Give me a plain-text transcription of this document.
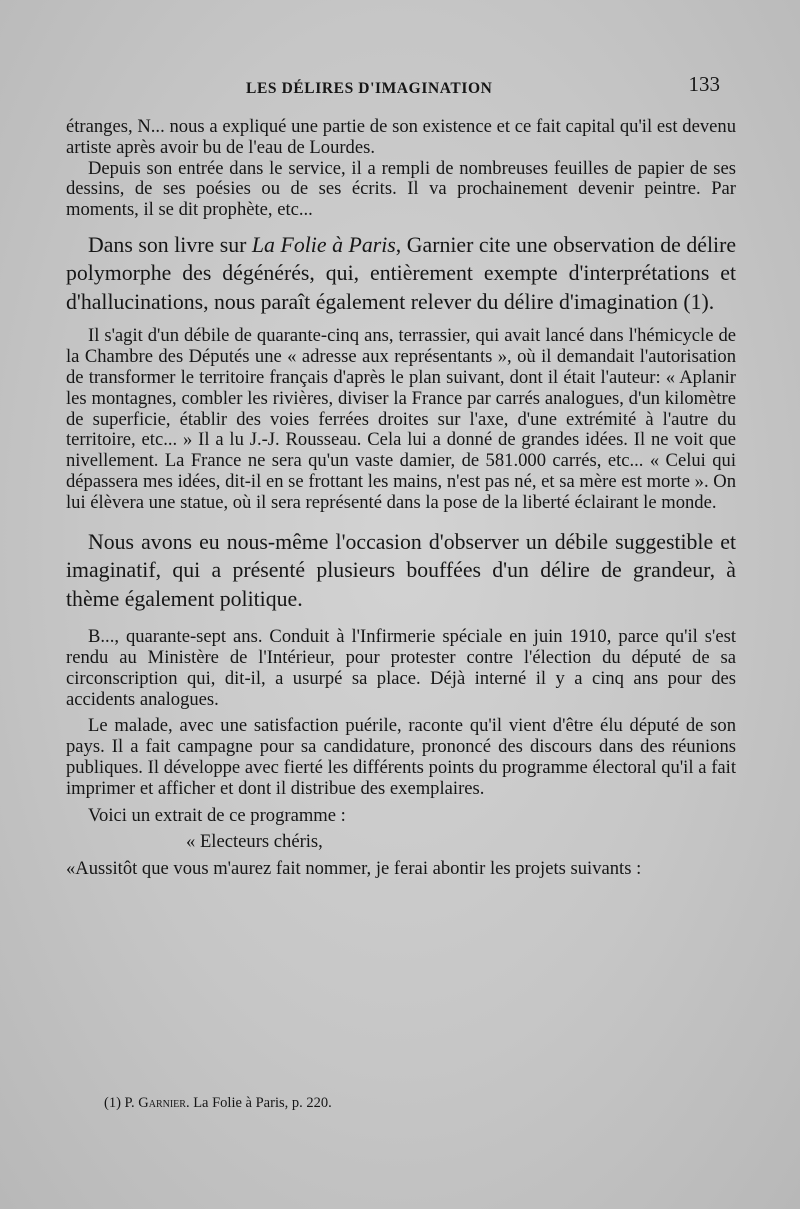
LES DÉLIRES D'IMAGINATION	133

étranges, N... nous a expliqué une partie de son existence et ce fait capital qu'il est devenu artiste après avoir bu de l'eau de Lourdes.

Depuis son entrée dans le service, il a rempli de nombreuses feuilles de papier de ses dessins, de ses poésies ou de ses écrits. Il va prochainement devenir peintre. Par moments, il se dit prophète, etc...

Dans son livre sur La Folie à Paris, Garnier cite une observation de délire polymorphe des dégénérés, qui, entièrement exempte d'interprétations et d'hallucinations, nous paraît également relever du délire d'imagination (1).

Il s'agit d'un débile de quarante-cinq ans, terrassier, qui avait lancé dans l'hémicycle de la Chambre des Députés une « adresse aux représentants », où il demandait l'autorisation de transformer le territoire français d'après le plan suivant, dont il était l'auteur: « Aplanir les montagnes, combler les rivières, diviser la France par carrés analogues, d'un kilomètre de superficie, établir des voies ferrées droites sur l'axe, d'une extrémité à l'autre du territoire, etc... » Il a lu J.-J. Rousseau. Cela lui a donné de grandes idées. Il ne voit que nivellement. La France ne sera qu'un vaste damier, de 581.000 carrés, etc... « Celui qui dépassera mes idées, dit-il en se frottant les mains, n'est pas né, et sa mère est morte ». On lui élèvera une statue, où il sera représenté dans la pose de la liberté éclairant le monde.

Nous avons eu nous-même l'occasion d'observer un débile suggestible et imaginatif, qui a présenté plusieurs bouffées d'un délire de grandeur, à thème également politique.

B..., quarante-sept ans. Conduit à l'Infirmerie spéciale en juin 1910, parce qu'il s'est rendu au Ministère de l'Intérieur, pour protester contre l'élection du député de sa circonscription qui, dit-il, a usurpé sa place. Déjà interné il y a cinq ans pour des accidents analogues.

Le malade, avec une satisfaction puérile, raconte qu'il vient d'être élu député de son pays. Il a fait campagne pour sa candidature, prononcé des discours dans des réunions publiques. Il développe avec fierté les différents points du programme électoral qu'il a fait imprimer et afficher et dont il distribue des exemplaires.

Voici un extrait de ce programme :

« Electeurs chéris,

«Aussitôt que vous m'aurez fait nommer, je ferai abontir les projets suivants :

(1) P. Garnier. La Folie à Paris, p. 220.
